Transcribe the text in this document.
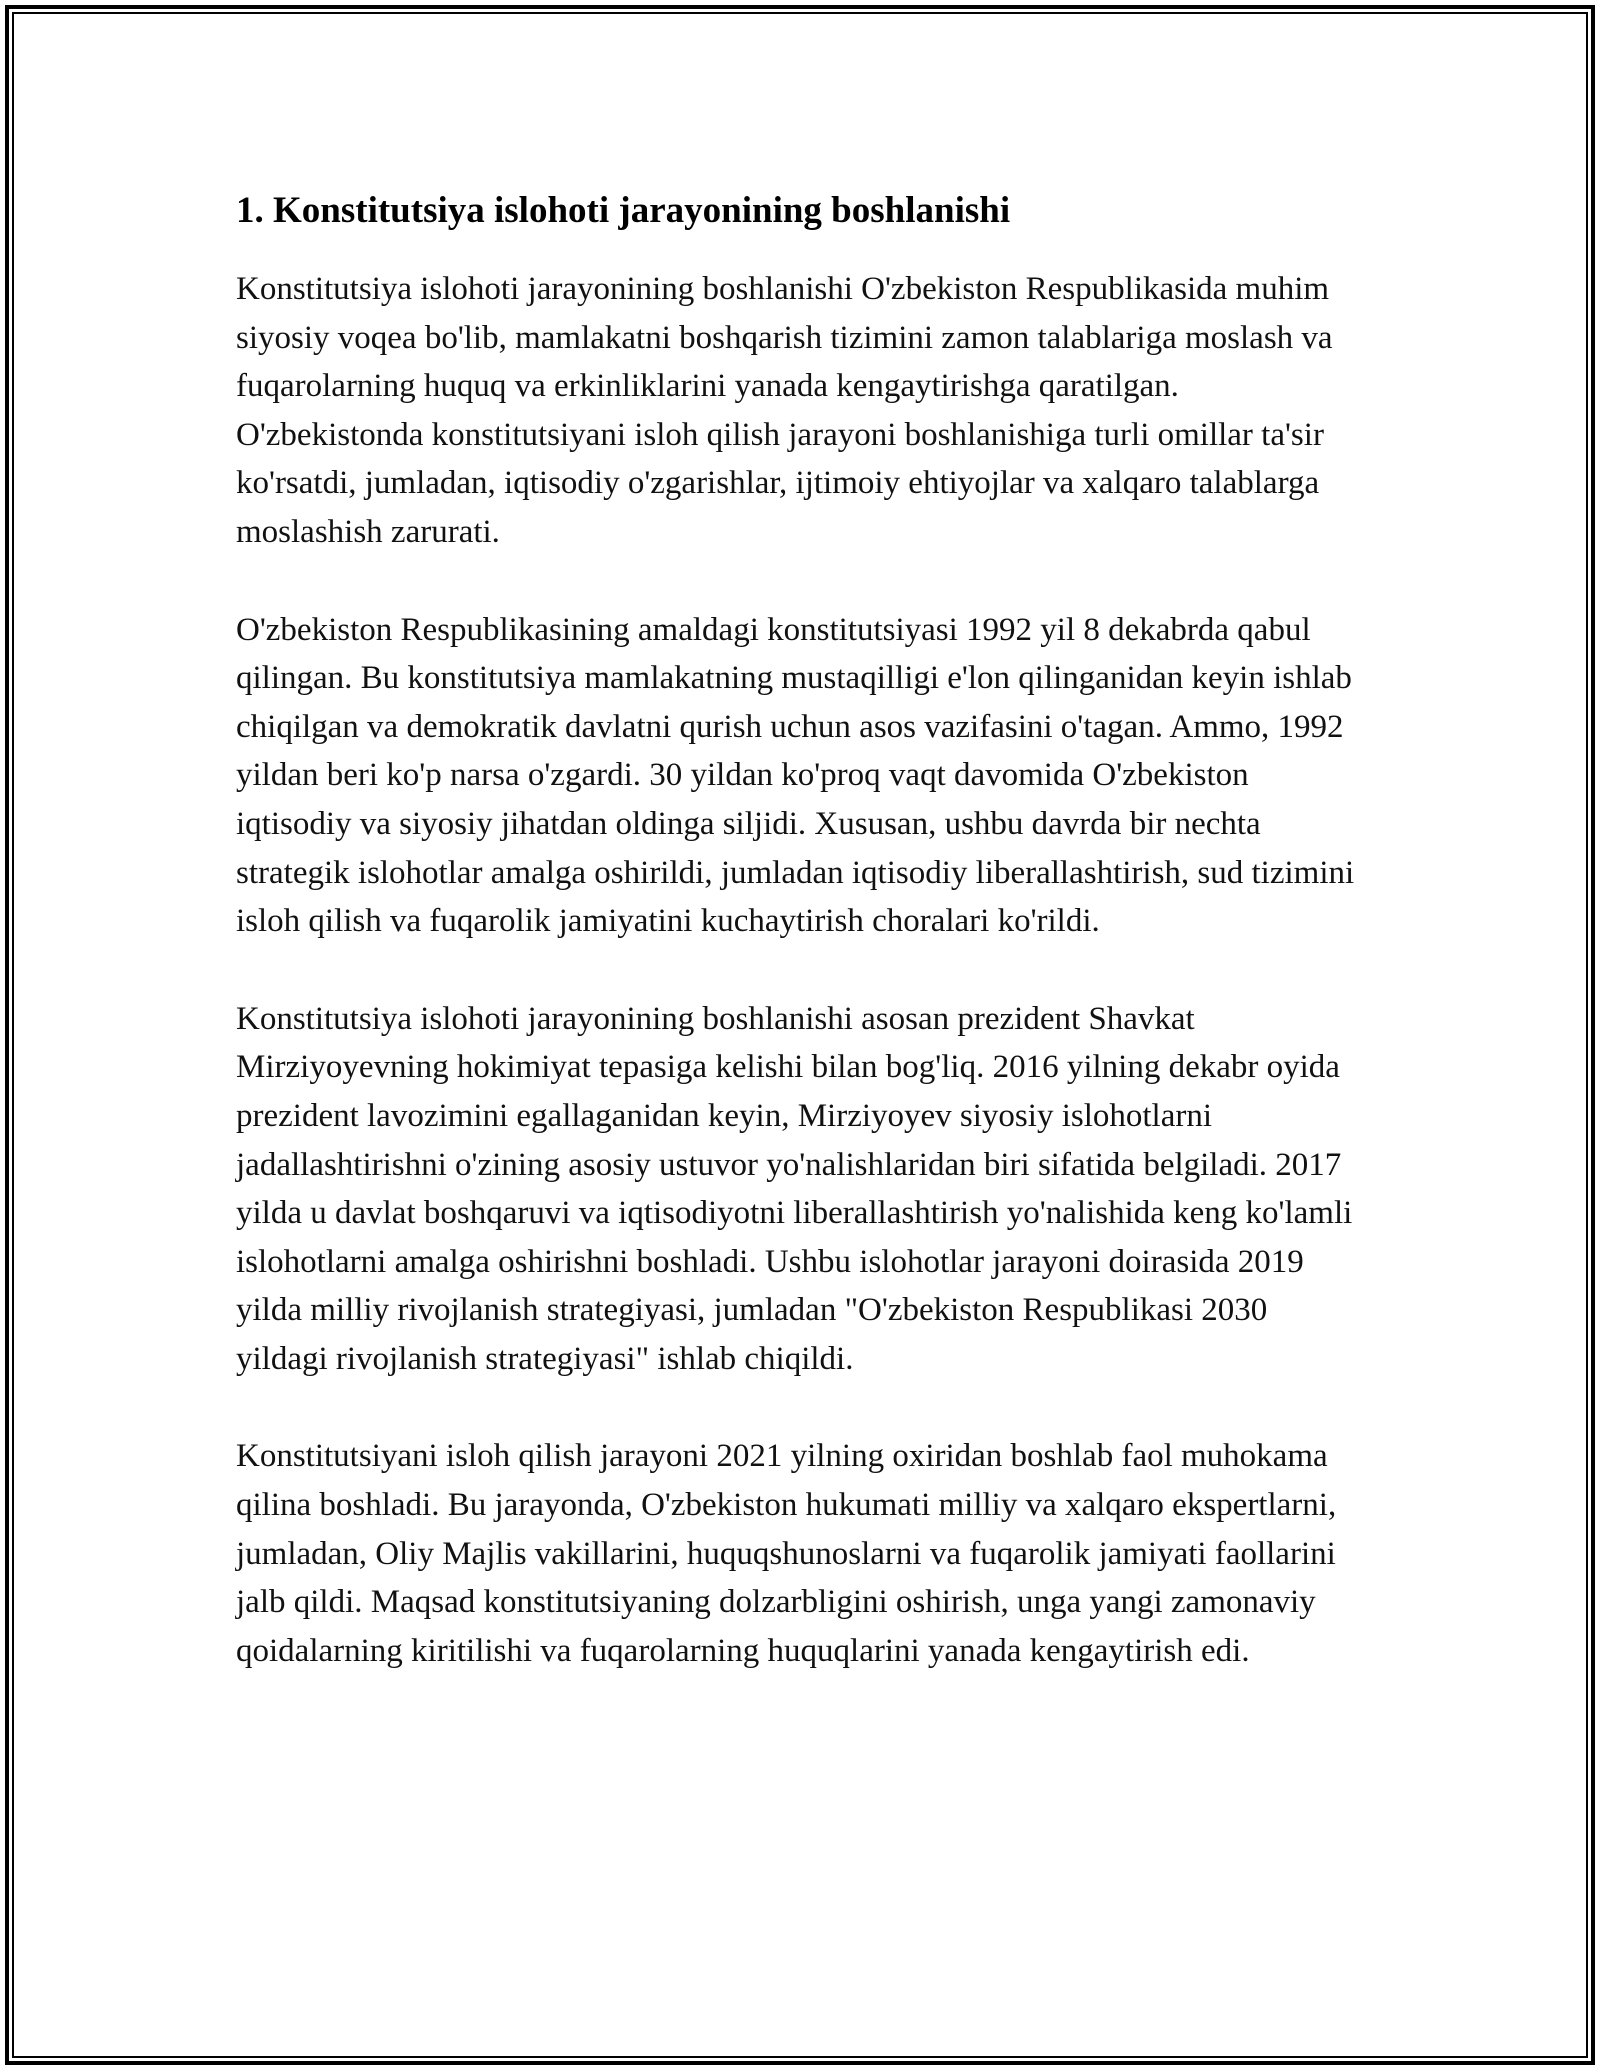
1. Konstitutsiya islohoti jarayonining boshlanishi

Konstitutsiya islohoti jarayonining boshlanishi O'zbekiston Respublikasida muhim siyosiy voqea bo'lib, mamlakatni boshqarish tizimini zamon talablariga moslash va fuqarolarning huquq va erkinliklarini yanada kengaytirishga qaratilgan. O'zbekistonda konstitutsiyani isloh qilish jarayoni boshlanishiga turli omillar ta'sir ko'rsatdi, jumladan, iqtisodiy o'zgarishlar, ijtimoiy ehtiyojlar va xalqaro talablarga moslashish zarurati.

O'zbekiston Respublikasining amaldagi konstitutsiyasi 1992 yil 8 dekabrda qabul qilingan. Bu konstitutsiya mamlakatning mustaqilligi e'lon qilinganidan keyin ishlab chiqilgan va demokratik davlatni qurish uchun asos vazifasini o'tagan. Ammo, 1992 yildan beri ko'p narsa o'zgardi. 30 yildan ko'proq vaqt davomida O'zbekiston iqtisodiy va siyosiy jihatdan oldinga siljidi. Xususan, ushbu davrda bir nechta strategik islohotlar amalga oshirildi, jumladan iqtisodiy liberallashtirish, sud tizimini isloh qilish va fuqarolik jamiyatini kuchaytirish choralari ko'rildi.

Konstitutsiya islohoti jarayonining boshlanishi asosan prezident Shavkat Mirziyoyevning hokimiyat tepasiga kelishi bilan bog'liq. 2016 yilning dekabr oyida prezident lavozimini egallaganidan keyin, Mirziyoyev siyosiy islohotlarni jadallashtirishni o'zining asosiy ustuvor yo'nalishlaridan biri sifatida belgiladi. 2017 yilda u davlat boshqaruvi va iqtisodiyotni liberallashtirish yo'nalishida keng ko'lamli islohotlarni amalga oshirishni boshladi. Ushbu islohotlar jarayoni doirasida 2019 yilda milliy rivojlanish strategiyasi, jumladan "O'zbekiston Respublikasi 2030 yildagi rivojlanish strategiyasi" ishlab chiqildi.

Konstitutsiyani isloh qilish jarayoni 2021 yilning oxiridan boshlab faol muhokama qilina boshladi. Bu jarayonda, O'zbekiston hukumati milliy va xalqaro ekspertlarni, jumladan, Oliy Majlis vakillarini, huquqshunoslarni va fuqarolik jamiyati faollarini jalb qildi. Maqsad konstitutsiyaning dolzarbligini oshirish, unga yangi zamonaviy qoidalarning kiritilishi va fuqarolarning huquqlarini yanada kengaytirish edi.
